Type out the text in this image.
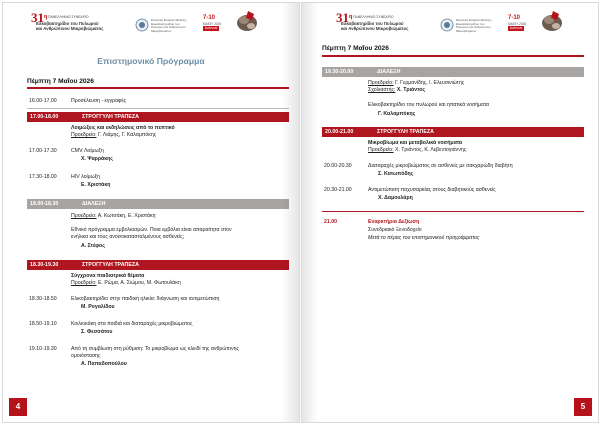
$31^\eta$ ΠΑΝΕΛΛΗΝΙΟ ΣΥΝΕΔΡΙΟ
Ελκοβακτηρίδιο του Πυλωρού
και Ανθρώπινου Μικροβιώματος
Ελληνική Εταιρεία Μελέτης Ελικοβακτηριδίου του Πυλωρού και Ανθρώπινου Μικροβιώματος
7-10
ΜΑΪΟΥ 2026
Ιωάννινα
Επιστημονικό Πρόγραμμα
Πέμπτη 7 Μαΐου 2026
16.00-17.00	Προσέλευση - εγγραφές
17.00-18.00	ΣΤΡΟΓΓΥΛΗ ΤΡΑΠΕΖΑ
Λοιμώξεις και εκδηλώσεις από το πεπτικό
Προεδρείο: Γ. Λιάμης, Γ. Καλαμπόκης
17.00-17.30	CMV Λοίμωξη
Χ. Ψαρράκης
17.30-18.00	HIV λοίμωξη
Ε. Χριστάκη
18.00-18.30	ΔΙΑΛΕΞΗ
Προεδρείο: Α. Κωτσάκη, Ε. Χριστάκη
Εθνικό πρόγραμμα εμβολιασμών. Ποια εμβόλια είναι απαραίτητα στον
ενήλικα και τους ανοσοκατασταλμένους ασθενείς;
Α. Στέφος
18.30-19.30	ΣΤΡΟΓΓΥΛΗ ΤΡΑΠΕΖΑ
Σύγχρονα παιδιατρικά θέματα
Προεδρείο: Ε. Ρώμα, Α. Σιώμου, Μ. Φωτουλάκη
18.30-18.50	Ελικοβακτηρίδιο στην παιδική ηλικία: διάγνωση και αντιμετώπιση
Μ. Ρογαλίδου
18.50-19.10	Κοιλιοκάκη στα παιδιά και διαταραχές μικροβιώματος
Σ. Φεσσάτου
19.10-19.30	Από τη συμβίωση στη ρύθμιση: Το μικροβίωμα ως κλειδί της ανθρώπινης
ομοιόστασης
Α. Παπαδοπούλου
4
$31^\eta$ ΠΑΝΕΛΛΗΝΙΟ ΣΥΝΕΔΡΙΟ
Ελκοβακτηρίδιο του Πυλωρού
και Ανθρώπινου Μικροβιώματος
Ελληνική Εταιρεία Μελέτης Ελικοβακτηριδίου του Πυλωρού και Ανθρώπινου Μικροβιώματος
7-10
ΜΑΪΟΥ 2026
Ιωάννινα
Πέμπτη 7 Μαΐου 2026
19.30-20.00	ΔΙΑΛΕΞΗ
Προεδρείο: Γ. Γερμανίδης, Ι. Ελευσινιώτης
Σχολιαστής: Χ. Τριάντος
Ελικοβακτηρίδιο του πυλωρού και ηπατικά νοσήματα
Γ. Καλαμπόκης
20.00-21.00	ΣΤΡΟΓΓΥΛΗ ΤΡΑΠΕΖΑ
Μικροβίωμα και μεταβολικά νοσήματα
Προεδρείο: Χ. Τριάντος, Κ. Λεβεντογιάννης
20.00-20.30	Διαταραχές μικροβιώματος σε ασθενείς με σακχαρώδη διαβήτη
Σ. Κατωπόδης
20.30-21.00	Αντιμετώπιση παχυσαρκίας στους διαβητικούς ασθενείς
Χ. Δαμουλάρη
21.00	Εναρκτήρια Δεξίωση
Συνεδριακό Ξενοδοχείο
Μετά το πέρας του επιστημονικού προγράμματος
5
